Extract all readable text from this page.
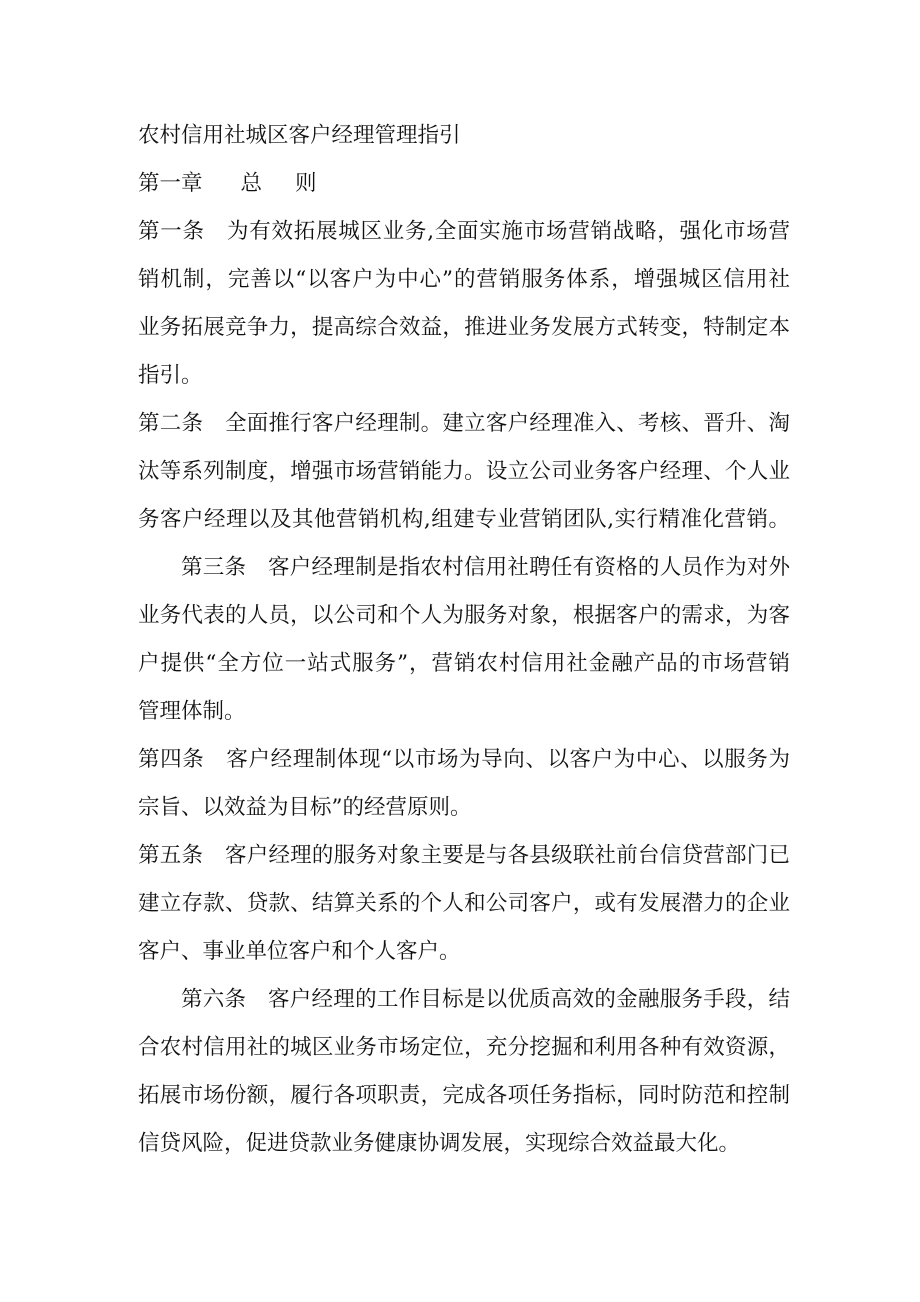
农村信用社城区客户经理管理指引
第一章 总 则
第一条　为有效拓展城区业务,全面实施市场营销战略，强化市场营
销机制，完善以“以客户为中心”的营销服务体系，增强城区信用社
业务拓展竞争力，提高综合效益，推进业务发展方式转变，特制定本
指引。
第二条　全面推行客户经理制。建立客户经理准入、考核、晋升、淘
汰等系列制度，增强市场营销能力。设立公司业务客户经理、个人业
务客户经理以及其他营销机构,组建专业营销团队,实行精准化营销。
第三条　客户经理制是指农村信用社聘任有资格的人员作为对外
业务代表的人员，以公司和个人为服务对象，根据客户的需求，为客
户提供“全方位一站式服务”，营销农村信用社金融产品的市场营销
管理体制。
第四条　客户经理制体现“以市场为导向、以客户为中心、以服务为
宗旨、以效益为目标”的经营原则。
第五条　客户经理的服务对象主要是与各县级联社前台信贷营部门已
建立存款、贷款、结算关系的个人和公司客户，或有发展潜力的企业
客户、事业单位客户和个人客户。
第六条　客户经理的工作目标是以优质高效的金融服务手段，结
合农村信用社的城区业务市场定位，充分挖掘和利用各种有效资源，
拓展市场份额，履行各项职责，完成各项任务指标，同时防范和控制
信贷风险，促进贷款业务健康协调发展，实现综合效益最大化。
